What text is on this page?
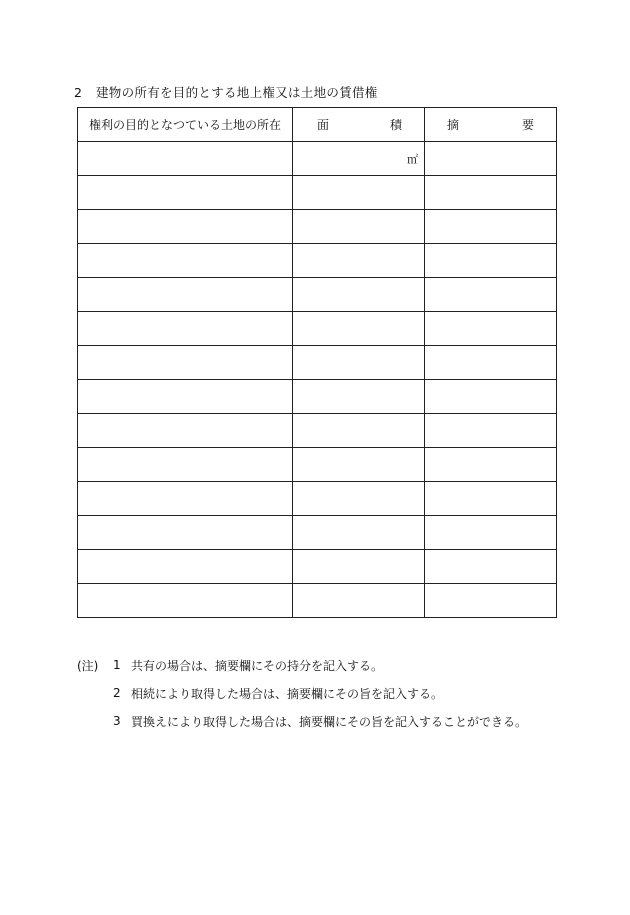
2 建物の所有を目的とする地上権又は土地の賃借権
権利の目的となつている土地の所在	面 積	摘 要

	㎡	

(注)	1 共有の場合は、摘要欄にその持分を記入する。
2 相続により取得した場合は、摘要欄にその旨を記入する。
3 買換えにより取得した場合は、摘要欄にその旨を記入することができる。
